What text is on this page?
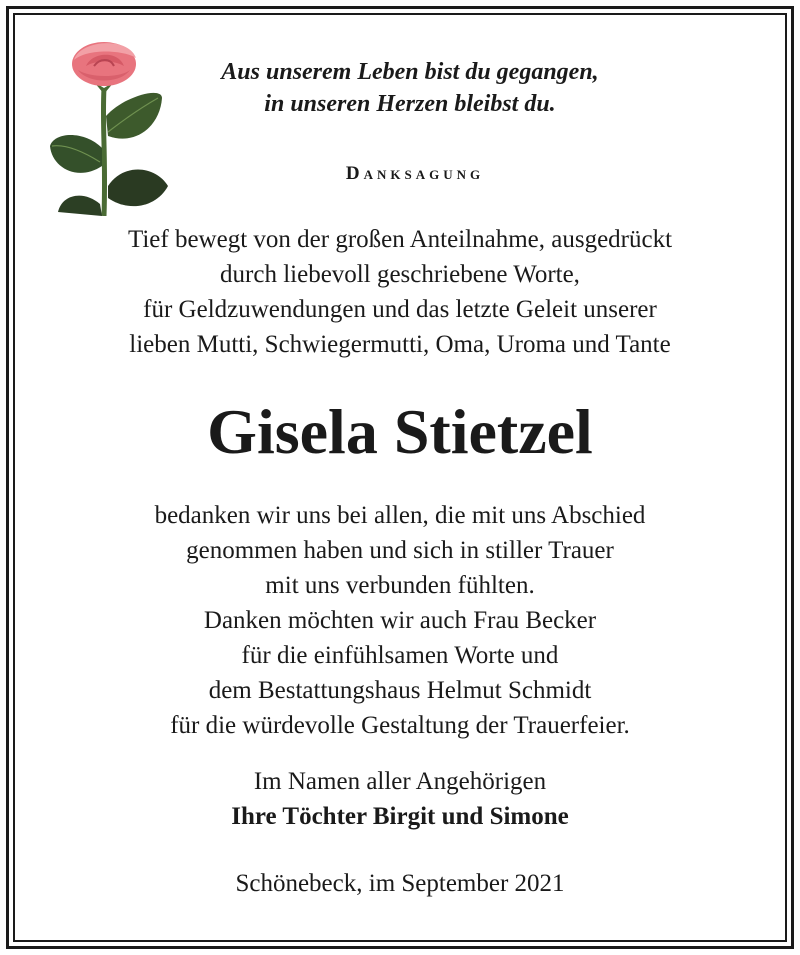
Aus unserem Leben bist du gegangen,
in unseren Herzen bleibst du.
Danksagung
Tief bewegt von der großen Anteilnahme, ausgedrückt
durch liebevoll geschriebene Worte,
für Geldzuwendungen und das letzte Geleit unserer
lieben Mutti, Schwiegermutti, Oma, Uroma und Tante
Gisela Stietzel
bedanken wir uns bei allen, die mit uns Abschied
genommen haben und sich in stiller Trauer
mit uns verbunden fühlten.
Danken möchten wir auch Frau Becker
für die einfühlsamen Worte und
dem Bestattungshaus Helmut Schmidt
für die würdevolle Gestaltung der Trauerfeier.
Im Namen aller Angehörigen
Ihre Töchter Birgit und Simone
Schönebeck, im September 2021
